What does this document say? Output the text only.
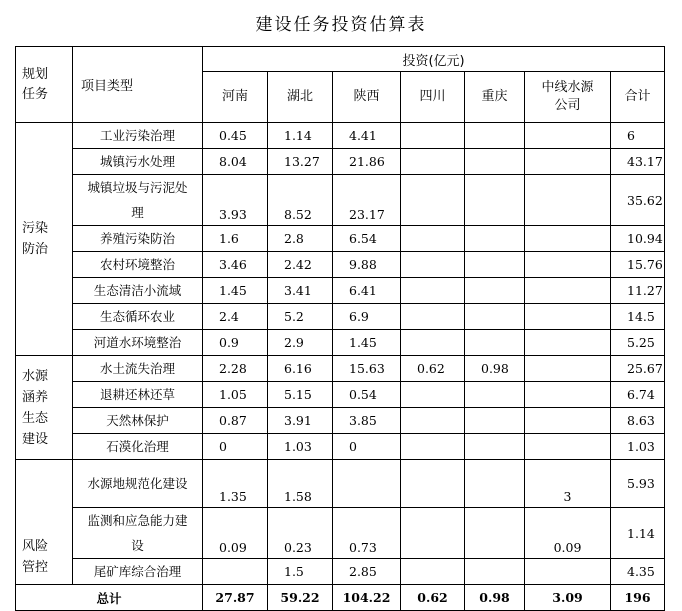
建设任务投资估算表
规划任务	项目类型	投资(亿元)						
		河南	湖北	陕西	四川	重庆	中线水源公司	合计
污染防治	工业污染治理	0.45	1.14	4.41				6
	城镇污水处理	8.04	13.27	21.86				43.17
	城镇垃圾与污泥处理	3.93	8.52	23.17				35.62
	养殖污染防治	1.6	2.8	6.54				10.94
	农村环境整治	3.46	2.42	9.88				15.76
	生态清洁小流域	1.45	3.41	6.41				11.27
	生态循环农业	2.4	5.2	6.9				14.5
	河道水环境整治	0.9	2.9	1.45				5.25
水源涵养生态建设	水土流失治理	2.28	6.16	15.63	0.62	0.98		25.67
	退耕还林还草	1.05	5.15	0.54				6.74
	天然林保护	0.87	3.91	3.85				8.63
	石漠化治理	0	1.03	0				1.03
风险管控	水源地规范化建设	1.35	1.58				3	5.93
	监测和应急能力建设	0.09	0.23	0.73			0.09	1.14
	尾矿库综合治理		1.5	2.85				4.35
总计		27.87	59.22	104.22	0.62	0.98	3.09	196
